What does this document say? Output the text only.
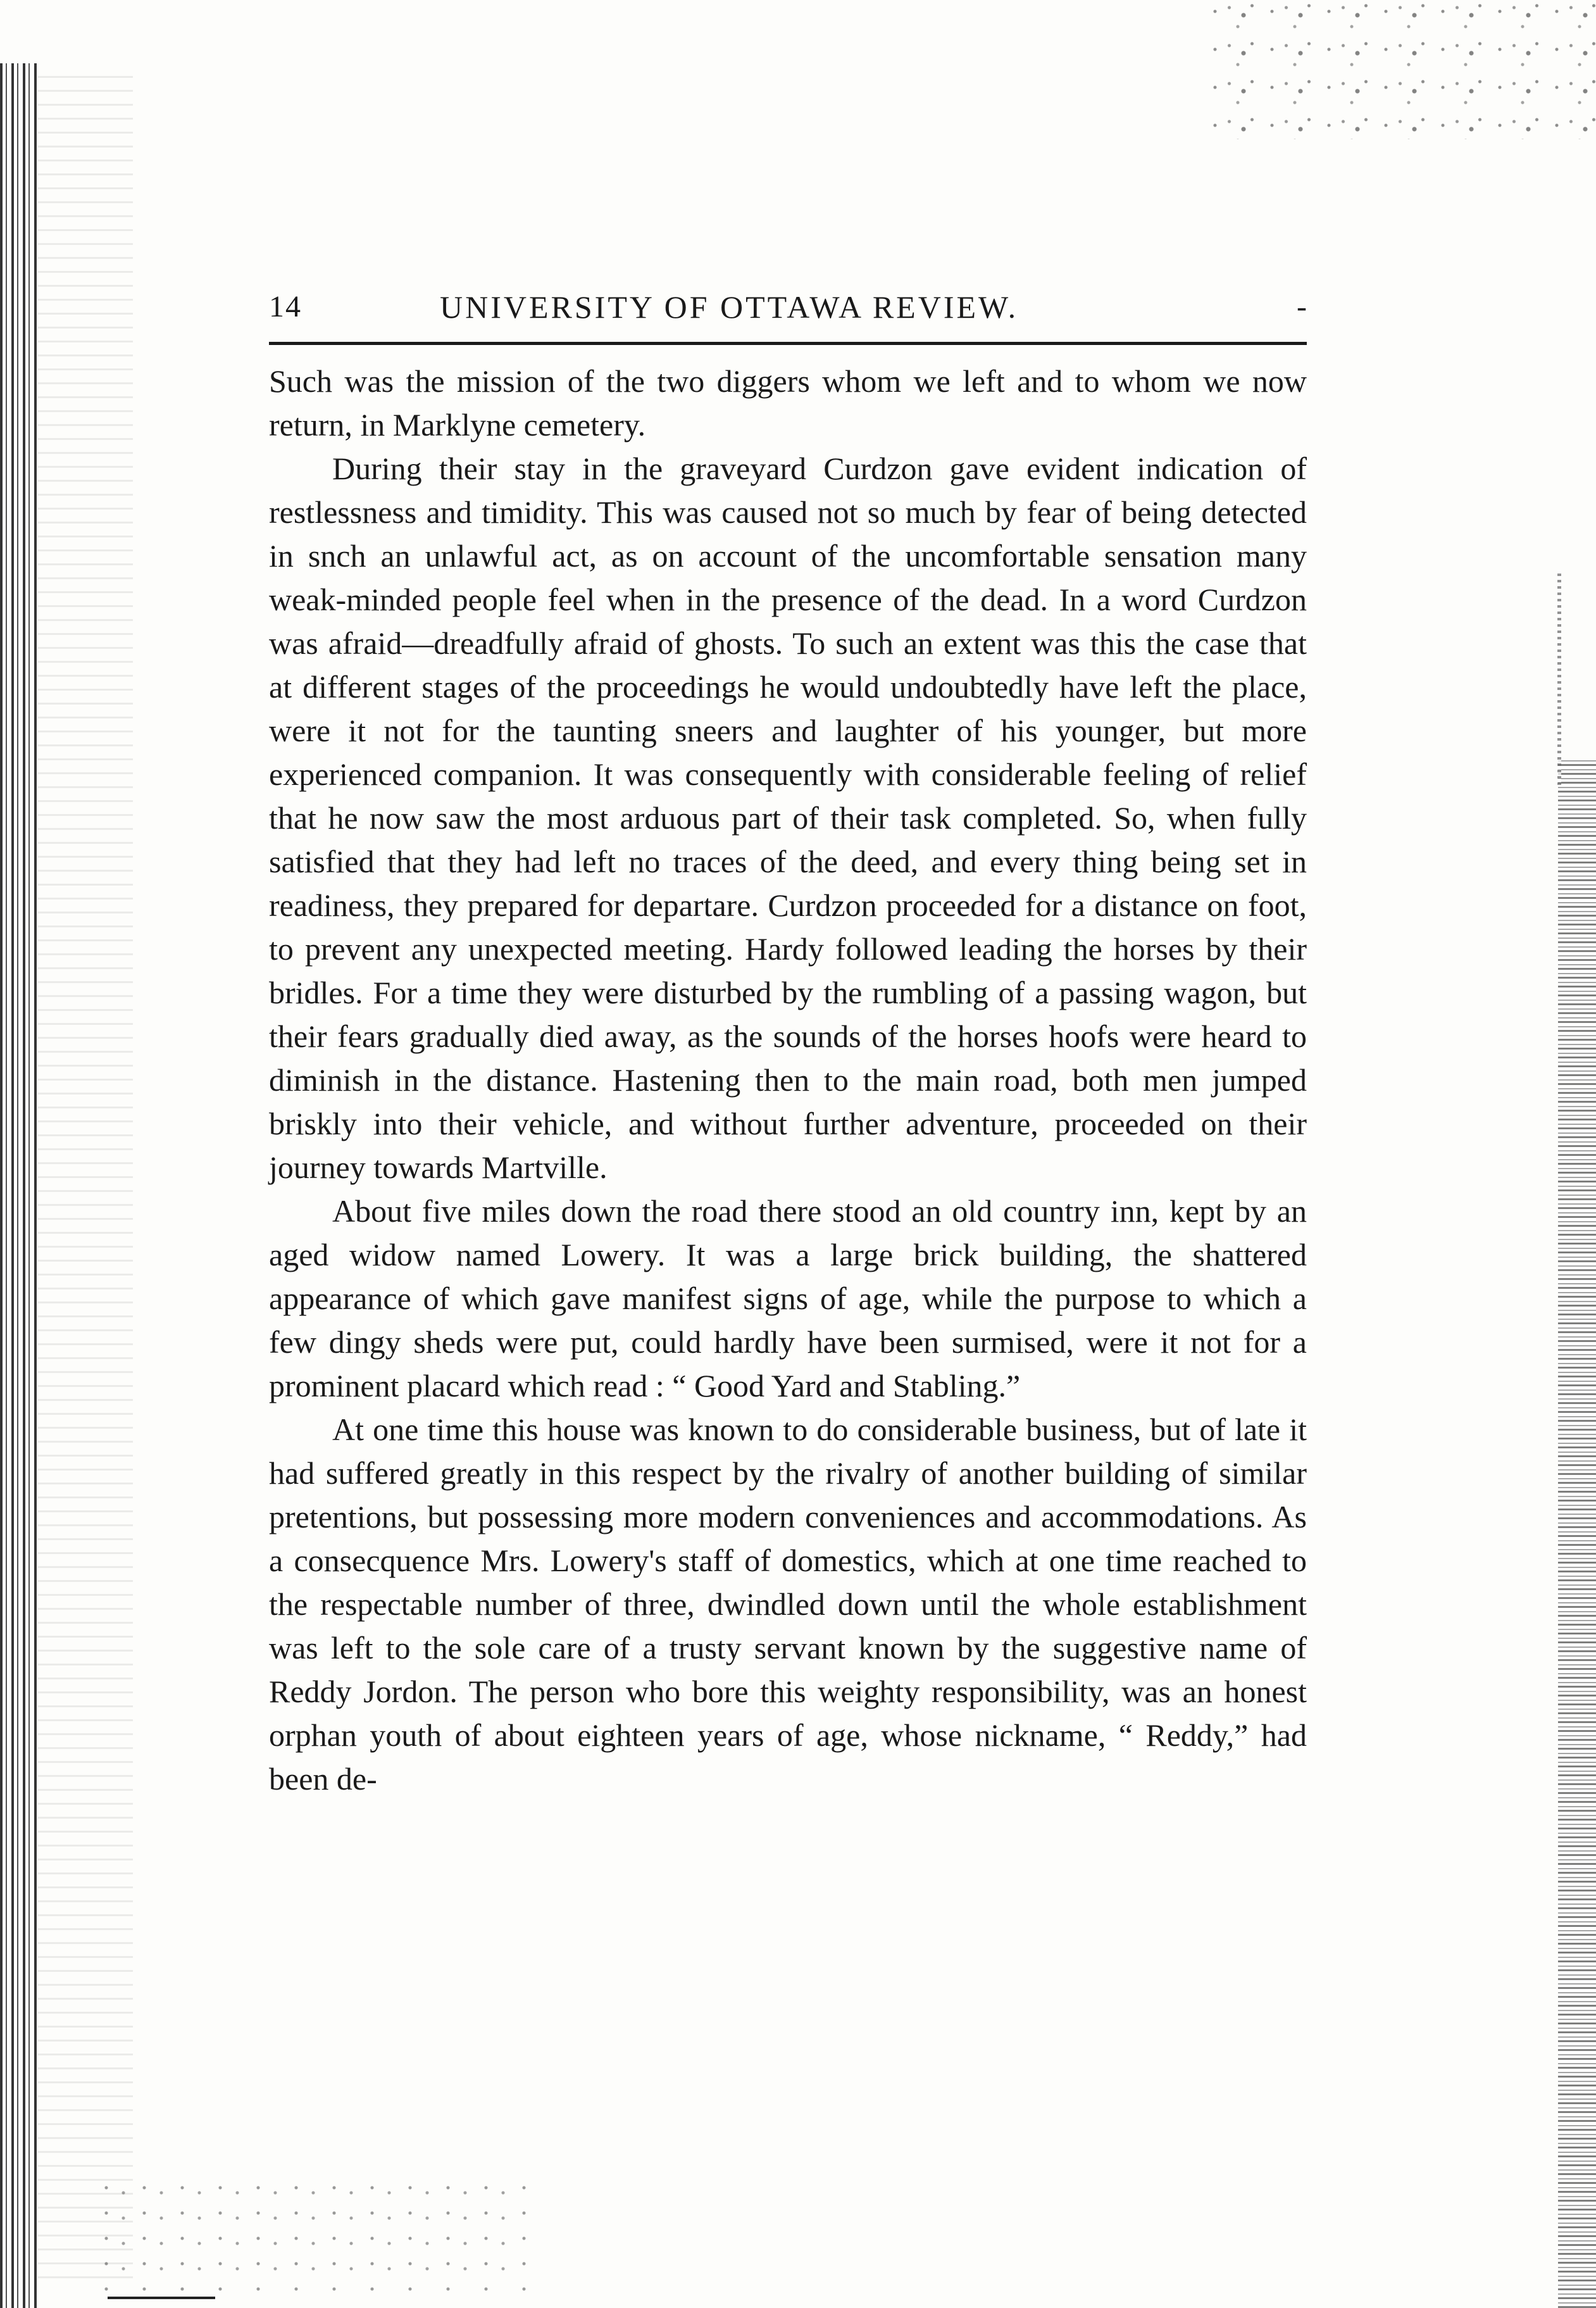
14	UNIVERSITY OF OTTAWA REVIEW.	-

Such was the mission of the two diggers whom we left and to whom we now return, in Marklyne cemetery.

During their stay in the graveyard Curdzon gave evident indication of restlessness and timidity. This was caused not so much by fear of being detected in snch an unlawful act, as on account of the uncomfortable sensation many weak-minded people feel when in the presence of the dead. In a word Curdzon was afraid—dreadfully afraid of ghosts. To such an extent was this the case that at different stages of the proceedings he would undoubtedly have left the place, were it not for the taunting sneers and laughter of his younger, but more experienced companion. It was consequently with considerable feeling of relief that he now saw the most arduous part of their task completed. So, when fully satisfied that they had left no traces of the deed, and every thing being set in readiness, they prepared for departare. Curdzon proceeded for a distance on foot, to prevent any unexpected meeting. Hardy followed leading the horses by their bridles. For a time they were disturbed by the rumbling of a passing wagon, but their fears gradually died away, as the sounds of the horses hoofs were heard to diminish in the distance. Hastening then to the main road, both men jumped briskly into their vehicle, and without further adventure, proceeded on their journey towards Martville.

About five miles down the road there stood an old country inn, kept by an aged widow named Lowery. It was a large brick building, the shattered appearance of which gave manifest signs of age, while the purpose to which a few dingy sheds were put, could hardly have been surmised, were it not for a prominent placard which read : “ Good Yard and Stabling.”

At one time this house was known to do considerable business, but of late it had suffered greatly in this respect by the rivalry of another building of similar pretentions, but possessing more modern conveniences and accommodations. As a consecquence Mrs. Lowery's staff of domestics, which at one time reached to the respectable number of three, dwindled down until the whole establishment was left to the sole care of a trusty servant known by the suggestive name of Reddy Jordon. The person who bore this weighty responsibility, was an honest orphan youth of about eighteen years of age, whose nickname, “ Reddy,” had been de-
